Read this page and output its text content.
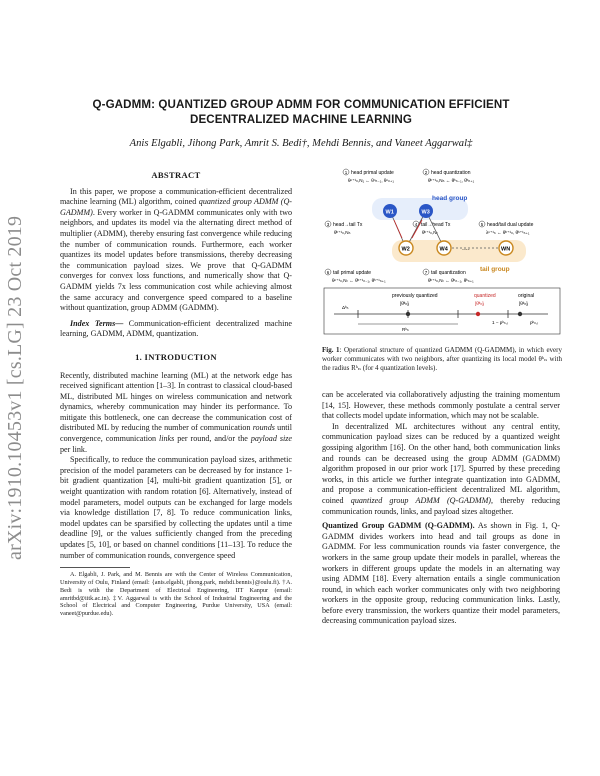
arXiv:1910.10453v1 [cs.LG] 23 Oct 2019
Q-GADMM: QUANTIZED GROUP ADMM FOR COMMUNICATION EFFICIENT
DECENTRALIZED MACHINE LEARNING
Anis Elgabli, Jihong Park, Amrit S. Bedi†, Mehdi Bennis, and Vaneet Aggarwal‡
ABSTRACT

In this paper, we propose a communication-efficient decentralized machine learning (ML) algorithm, coined quantized group ADMM (Q-GADMM). Every worker in Q-GADMM communicates only with two neighbors, and updates its model via the alternating direct method of multiplier (ADMM), thereby ensuring fast convergence while reducing the number of communication rounds. Furthermore, each worker quantizes its model updates before transmissions, thereby decreasing the communication payload sizes. We prove that Q-GADMM converges for convex loss functions, and numerically show that Q-GADMM yields 7x less communication cost while achieving almost the same accuracy and convergence speed compared to a baseline without quantization, group ADMM (GADMM).

Index Terms— Communication-efficient decentralized machine learning, GADMM, ADMM, quantization.

1. INTRODUCTION

Recently, distributed machine learning (ML) at the network edge has received significant attention [1–3]. In contrast to classical cloud-based ML, distributed ML hinges on wireless communication and network dynamics, whereby communication may hinder its performance. To mitigate this bottleneck, one can decrease the communication cost of distributed ML by reducing the number of communication rounds until convergence, communication links per round, and/or the payload size per link.

Specifically, to reduce the communication payload sizes, arithmetic precision of the model parameters can be decreased by for instance 1-bit gradient quantization [4], multi-bit gradient quantization [5], or weight quantization with random rotation [6]. Alternatively, instead of model parameters, model outputs can be exchanged for large models via knowledge distillation [7, 8]. To reduce communication links, model updates can be sparsified by collecting the updates until a time deadline [9], or the values sufficiently changed from the preceding updates [5, 10], or based on channel conditions [11–13]. To reduce the number of communication rounds, convergence speed

A. Elgabli, J. Park, and M. Bennis are with the Center of Wireless Communication, University of Oulu, Finland (email: {anis.elgabli, jihong.park, mehdi.bennis}@oulu.fi). †A. Bedi is with the Department of Electrical Engineering, IIT Kanpur (email: amritbd@iitk.ac.in). ‡V. Aggarwal is with the School of Industrial Engineering and the School of Electrical and Computer Engineering, Purdue University, USA (email: vaneet@purdue.edu).

head group
tail group
1 head primal update
θⁿ⁺¹ₙ,N₁ ← θⁿₙ₋₁, θⁿₙ₊₁
2 head quantization
θ̂ⁿ⁺¹ₙ,Nₕ ← θ̂ⁿₙ₋₁, θ̂ⁿₙ₊₁
3 head→tail Tx
θ̂ⁿ⁺¹ₙ,Nₕ
4 tail→head Tx
θ̂ⁿ⁺¹ₙ,Nₜ
5 head/tail dual update
λⁿ⁺¹ₙ ← θ̂ⁿ⁺¹ₙ, θ̂ⁿ⁺¹ₙ₊₁
6 tail primal update
θⁿ⁺¹ₙ,Nₜ ← θ̂ⁿ⁺¹ₙ₋₁, θ̂ⁿ⁺¹ₙ₊₁
7 tail quantization
θ̂ⁿ⁺¹ₙ,Nₜ ← θ̂ⁿₙ₋₁, θ̂ⁿₙ₊₁
W1	W3
W2	W4 ....	WN
previously quantized	quantized	original
[θ̂ᵏₙ]ᵢ	[θ̂ᵏₙ]ᵢ	[θᵏₙ]ᵢ
Δᵏₙ
Rᵏₙ
1 − pᵏₙ,ᵢ	pᵏₙ,ᵢ
Fig. 1: Operational structure of quantized GADMM (Q-GADMM), in which every worker communicates with two neighbors, after quantizing its local model θᵏₙ with the radius Rᵏₙ (for 4 quantization levels).

can be accelerated via collaboratively adjusting the training momentum [14, 15]. However, these methods commonly postulate a central server that collects model update information, which may not be scalable.

In decentralized ML architectures without any central entity, communication payload sizes can be reduced by a quantized weight gossiping algorithm [16]. On the other hand, both communication links and rounds can be decreased using the group ADMM (GADMM) algorithm proposed in our prior work [17]. Spurred by these preceding works, in this article we further integrate quantization into GADMM, and propose a communication-efficient decentralized ML algorithm, coined quantized group ADMM (Q-GADMM), thereby reducing communication rounds, links, and payload sizes altogether.

Quantized Group GADMM (Q-GADMM). As shown in Fig. 1, Q-GADMM divides workers into head and tail groups as done in GADMM. For less communication rounds via faster convergence, the workers in the same group update their models in parallel, whereas the workers in different groups update the models in an alternating way using ADMM [18]. Every alternation entails a single communication round, in which each worker communicates only with two neighboring workers in the opposite group, reducing communication links. Lastly, before every transmission, the workers quantize their model parameters, decreasing communication payload sizes.
